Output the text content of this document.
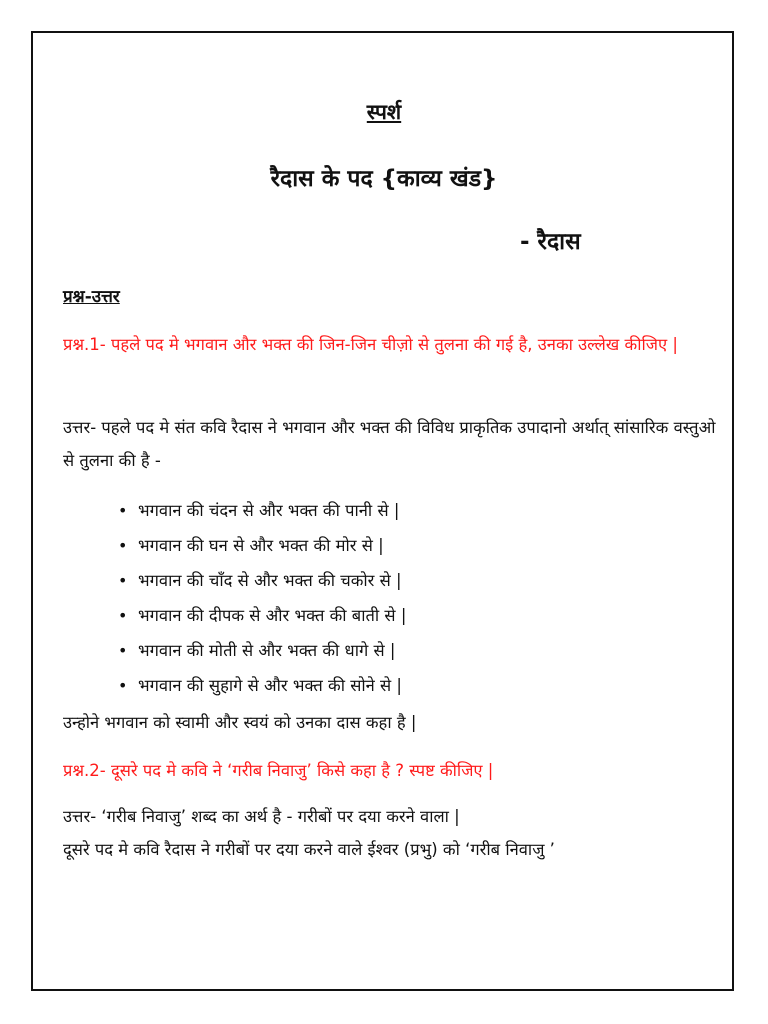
स्पर्श
रैदास के पद {काव्य खंड}
- रैदास
प्रश्न-उत्तर

प्रश्न.1- पहले पद मे भगवान और भक्त की जिन-जिन चीज़ो से तुलना की गई है, उनका उल्लेख कीजिए |

उत्तर- पहले पद मे संत कवि रैदास ने भगवान और भक्त की विविध प्राकृतिक उपादानो अर्थात् सांसारिक वस्तुओ से तुलना की है -

• भगवान की चंदन से और भक्त की पानी से |
• भगवान की घन से और भक्त की मोर से |
• भगवान की चाँद से और भक्त की चकोर से |
• भगवान की दीपक से और भक्त की बाती से |
• भगवान की मोती से और भक्त की धागे से |
• भगवान की सुहागे से और भक्त की सोने से |

उन्होने भगवान को स्वामी और स्वयं को उनका दास कहा है |

प्रश्न.2- दूसरे पद मे कवि ने ‘गरीब निवाजु’ किसे कहा है ? स्पष्ट कीजिए |

उत्तर- ‘गरीब निवाजु’ शब्द का अर्थ है - गरीबों पर दया करने वाला |
दूसरे पद मे कवि रैदास ने गरीबों पर दया करने वाले ईश्वर (प्रभु) को ‘गरीब निवाजु ’
